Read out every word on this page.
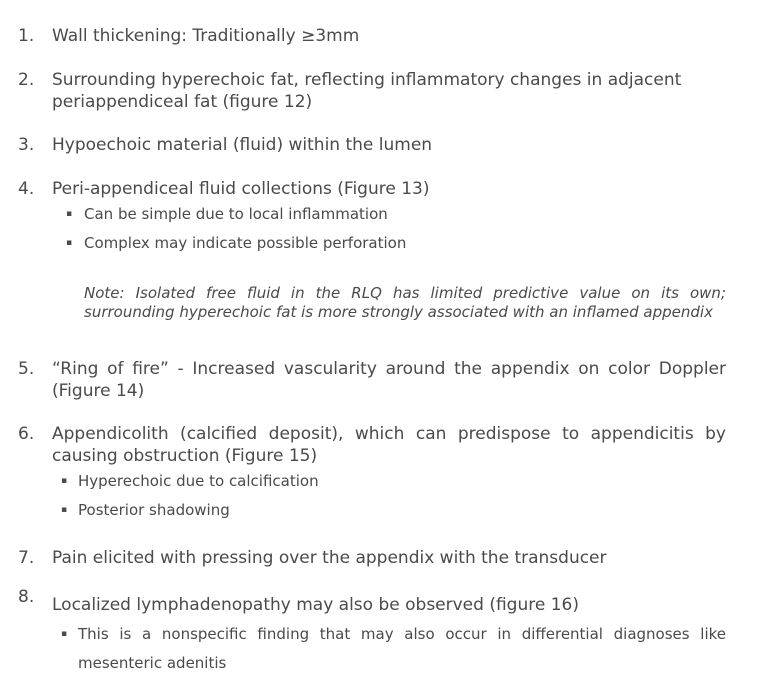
1. Wall thickening: Traditionally ≥3mm
2. Surrounding hyperechoic fat, reflecting inflammatory changes in adjacent periappendiceal fat (figure 12)
3. Hypoechoic material (fluid) within the lumen
4. Peri-appendiceal fluid collections (Figure 13)
▪ Can be simple due to local inflammation
▪ Complex may indicate possible perforation
Note: Isolated free fluid in the RLQ has limited predictive value on its own; surrounding hyperechoic fat is more strongly associated with an inflamed appendix
5. “Ring of fire” - Increased vascularity around the appendix on color Doppler (Figure 14)
6. Appendicolith (calcified deposit), which can predispose to appendicitis by causing obstruction (Figure 15)
▪ Hyperechoic due to calcification
▪ Posterior shadowing
7. Pain elicited with pressing over the appendix with the transducer
8. Localized lymphadenopathy may also be observed (figure 16)
▪ This is a nonspecific finding that may also occur in differential diagnoses like mesenteric adenitis
